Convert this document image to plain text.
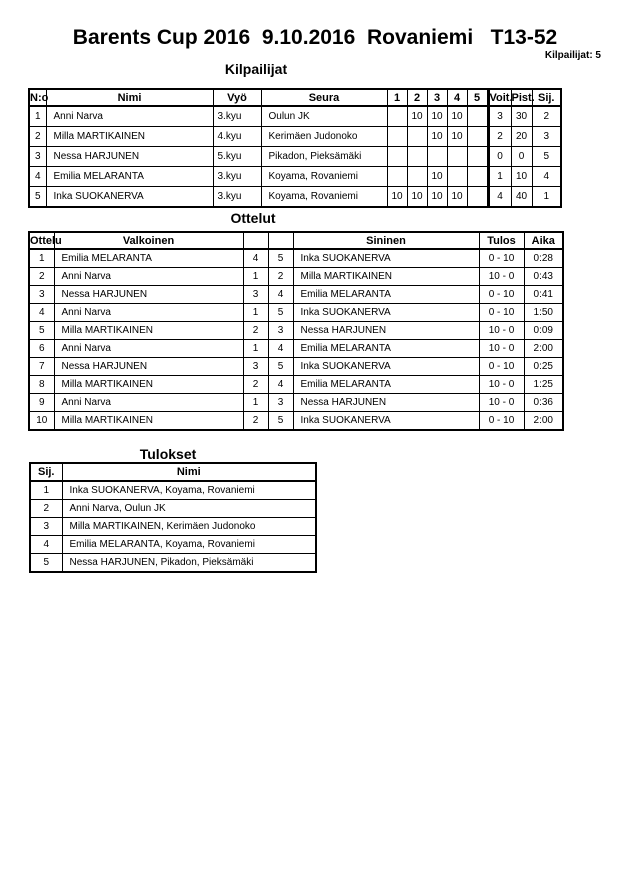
Barents Cup 2016  9.10.2016  Rovaniemi   T13-52
Kilpailijat: 5
Kilpailijat
N:o	Nimi	Vyö	Seura	1	2	3	4	5	Voit.	Pist.	Sij.
1	Anni Narva	3.kyu	Oulun JK		10	10	10		3	30	2
2	Milla MARTIKAINEN	4.kyu	Kerimäen Judonoko			10	10		2	20	3
3	Nessa HARJUNEN	5.kyu	Pikadon, Pieksämäki						0	0	5
4	Emilia MELARANTA	3.kyu	Koyama, Rovaniemi			10			1	10	4
5	Inka SUOKANERVA	3.kyu	Koyama, Rovaniemi	10	10	10	10		4	40	1
Ottelut
Ottelu	Valkoinen			Sininen	Tulos	Aika
1	Emilia MELARANTA	4	5	Inka SUOKANERVA	0 - 10	0:28
2	Anni Narva	1	2	Milla MARTIKAINEN	10 - 0	0:43
3	Nessa HARJUNEN	3	4	Emilia MELARANTA	0 - 10	0:41
4	Anni Narva	1	5	Inka SUOKANERVA	0 - 10	1:50
5	Milla MARTIKAINEN	2	3	Nessa HARJUNEN	10 - 0	0:09
6	Anni Narva	1	4	Emilia MELARANTA	10 - 0	2:00
7	Nessa HARJUNEN	3	5	Inka SUOKANERVA	0 - 10	0:25
8	Milla MARTIKAINEN	2	4	Emilia MELARANTA	10 - 0	1:25
9	Anni Narva	1	3	Nessa HARJUNEN	10 - 0	0:36
10	Milla MARTIKAINEN	2	5	Inka SUOKANERVA	0 - 10	2:00
Tulokset
Sij.	Nimi
1	Inka SUOKANERVA, Koyama, Rovaniemi
2	Anni Narva, Oulun JK
3	Milla MARTIKAINEN, Kerimäen Judonoko
4	Emilia MELARANTA, Koyama, Rovaniemi
5	Nessa HARJUNEN, Pikadon, Pieksämäki
